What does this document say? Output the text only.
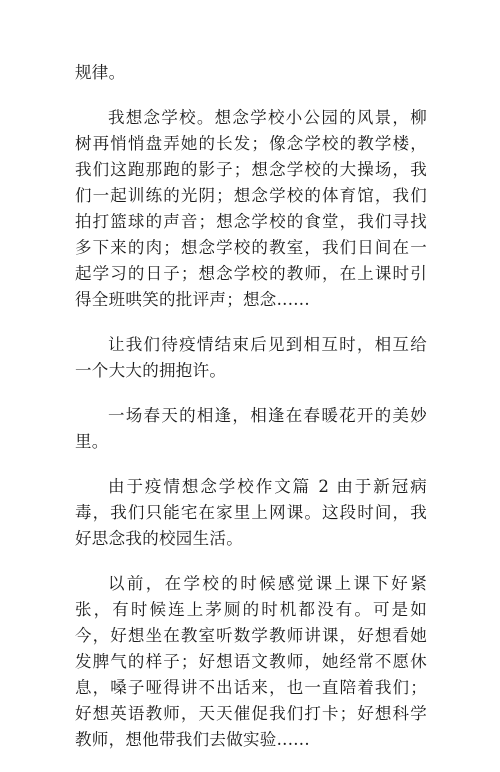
规律。

我想念学校。想念学校小公园的风景，柳树再悄悄盘弄她的长发；像念学校的教学楼，我们这跑那跑的影子；想念学校的大操场，我们一起训练的光阴；想念学校的体育馆，我们拍打篮球的声音；想念学校的食堂，我们寻找多下来的肉；想念学校的教室，我们日间在一起学习的日子；想念学校的教师，在上课时引得全班哄笑的批评声；想念......

让我们待疫情结束后见到相互时，相互给一个大大的拥抱许。

一场春天的相逢，相逢在春暖花开的美妙里。

由于疫情想念学校作文篇 2 由于新冠病毒，我们只能宅在家里上网课。这段时间，我好思念我的校园生活。

以前，在学校的时候感觉课上课下好紧张，有时候连上茅厕的时机都没有。可是如今，好想坐在教室听数学教师讲课，好想看她发脾气的样子；好想语文教师，她经常不愿休息，嗓子哑得讲不出话来，也一直陪着我们；好想英语教师，天天催促我们打卡；好想科学教师，想他带我们去做实验......
